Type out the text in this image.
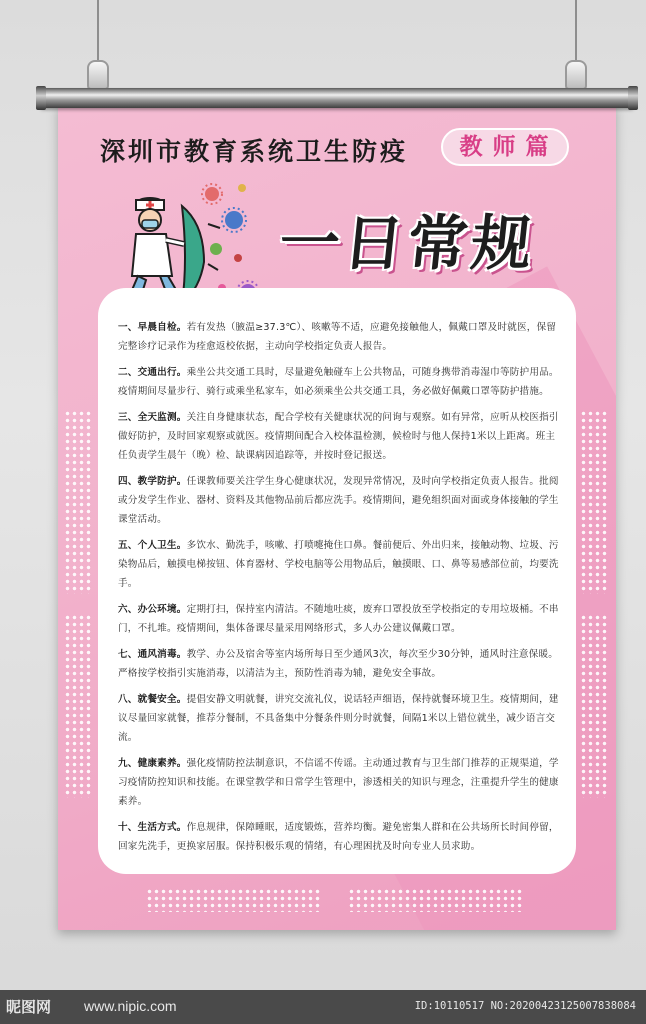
深圳市教育系统卫生防疫	教师篇
一日常规

一、早晨自检。若有发热（腋温≥37.3℃）、咳嗽等不适，应避免接触他人，佩戴口罩及时就医，保留完整诊疗记录作为痊愈返校依据，主动向学校指定负责人报告。

二、交通出行。乘坐公共交通工具时，尽量避免触碰车上公共物品，可随身携带消毒湿巾等防护用品。疫情期间尽量步行、骑行或乘坐私家车，如必须乘坐公共交通工具，务必做好佩戴口罩等防护措施。

三、全天监测。关注自身健康状态，配合学校有关健康状况的问询与观察。如有异常，应听从校医指引做好防护，及时回家观察或就医。疫情期间配合入校体温检测，候检时与他人保持1米以上距离。班主任负责学生晨午（晚）检、缺课病因追踪等，并按时登记报送。

四、教学防护。任课教师要关注学生身心健康状况，发现异常情况，及时向学校指定负责人报告。批阅或分发学生作业、器材、资料及其他物品前后都应洗手。疫情期间，避免组织面对面或身体接触的学生课堂活动。

五、个人卫生。多饮水、勤洗手，咳嗽、打喷嚏掩住口鼻。餐前便后、外出归来，接触动物、垃圾、污染物品后，触摸电梯按钮、体育器材、学校电脑等公用物品后，触摸眼、口、鼻等易感部位前，均要洗手。

六、办公环境。定期打扫，保持室内清洁。不随地吐痰，废弃口罩投放至学校指定的专用垃圾桶。不串门，不扎堆。疫情期间，集体备课尽量采用网络形式，多人办公建议佩戴口罩。

七、通风消毒。教学、办公及宿舍等室内场所每日至少通风3次，每次至少30分钟，通风时注意保暖。严格按学校指引实施消毒，以清洁为主，预防性消毒为辅，避免安全事故。

八、就餐安全。提倡安静文明就餐，讲究交流礼仪，说话轻声细语，保持就餐环境卫生。疫情期间，建议尽量回家就餐，推荐分餐制，不具备集中分餐条件则分时就餐，间隔1米以上错位就坐，减少语言交流。

九、健康素养。强化疫情防控法制意识，不信谣不传谣。主动通过教育与卫生部门推荐的正规渠道，学习疫情防控知识和技能。在课堂教学和日常学生管理中，渗透相关的知识与理念，注重提升学生的健康素养。

十、生活方式。作息规律，保障睡眠，适度锻炼，营养均衡。避免密集人群和在公共场所长时间停留，回家先洗手，更换家居服。保持积极乐观的情绪，有心理困扰及时向专业人员求助。

昵图网 www.nipic.com	ID:10110517 NO:20200423125007838084
